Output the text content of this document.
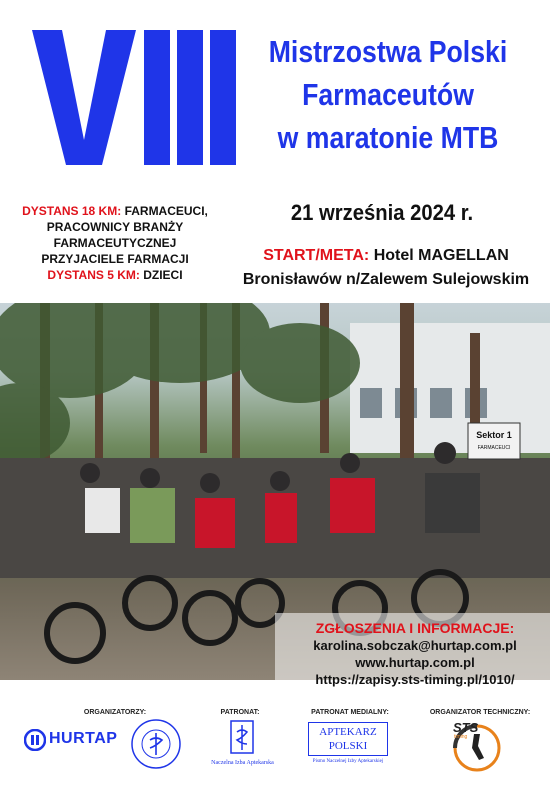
Mistrzostwa Polski
Farmaceutów
w maratonie MTB
DYSTANS 18 KM: FARMACEUCI,
PRACOWNICY BRANŻY
FARMACEUTYCZNEJ
PRZYJACIELE FARMACJI
DYSTANS 5 KM: DZIECI
21 września 2024 r.
START/META: Hotel MAGELLAN
Bronisławów n/Zalewem Sulejowskim
Sektor 1
FARMACEUCI
ZGŁOSZENIA I INFORMACJE:
karolina.sobczak@hurtap.com.pl
www.hurtap.com.pl
https://zapisy.sts-timing.pl/1010/
ORGANIZATORZY:	PATRONAT:	PATRONAT MEDIALNY:	ORGANIZATOR TECHNICZNY:
HURTAP
Naczelna Izba Aptekarska
APTEKARZ
POLSKI
Pismo Naczelnej Izby Aptekarskiej
STS
timing
